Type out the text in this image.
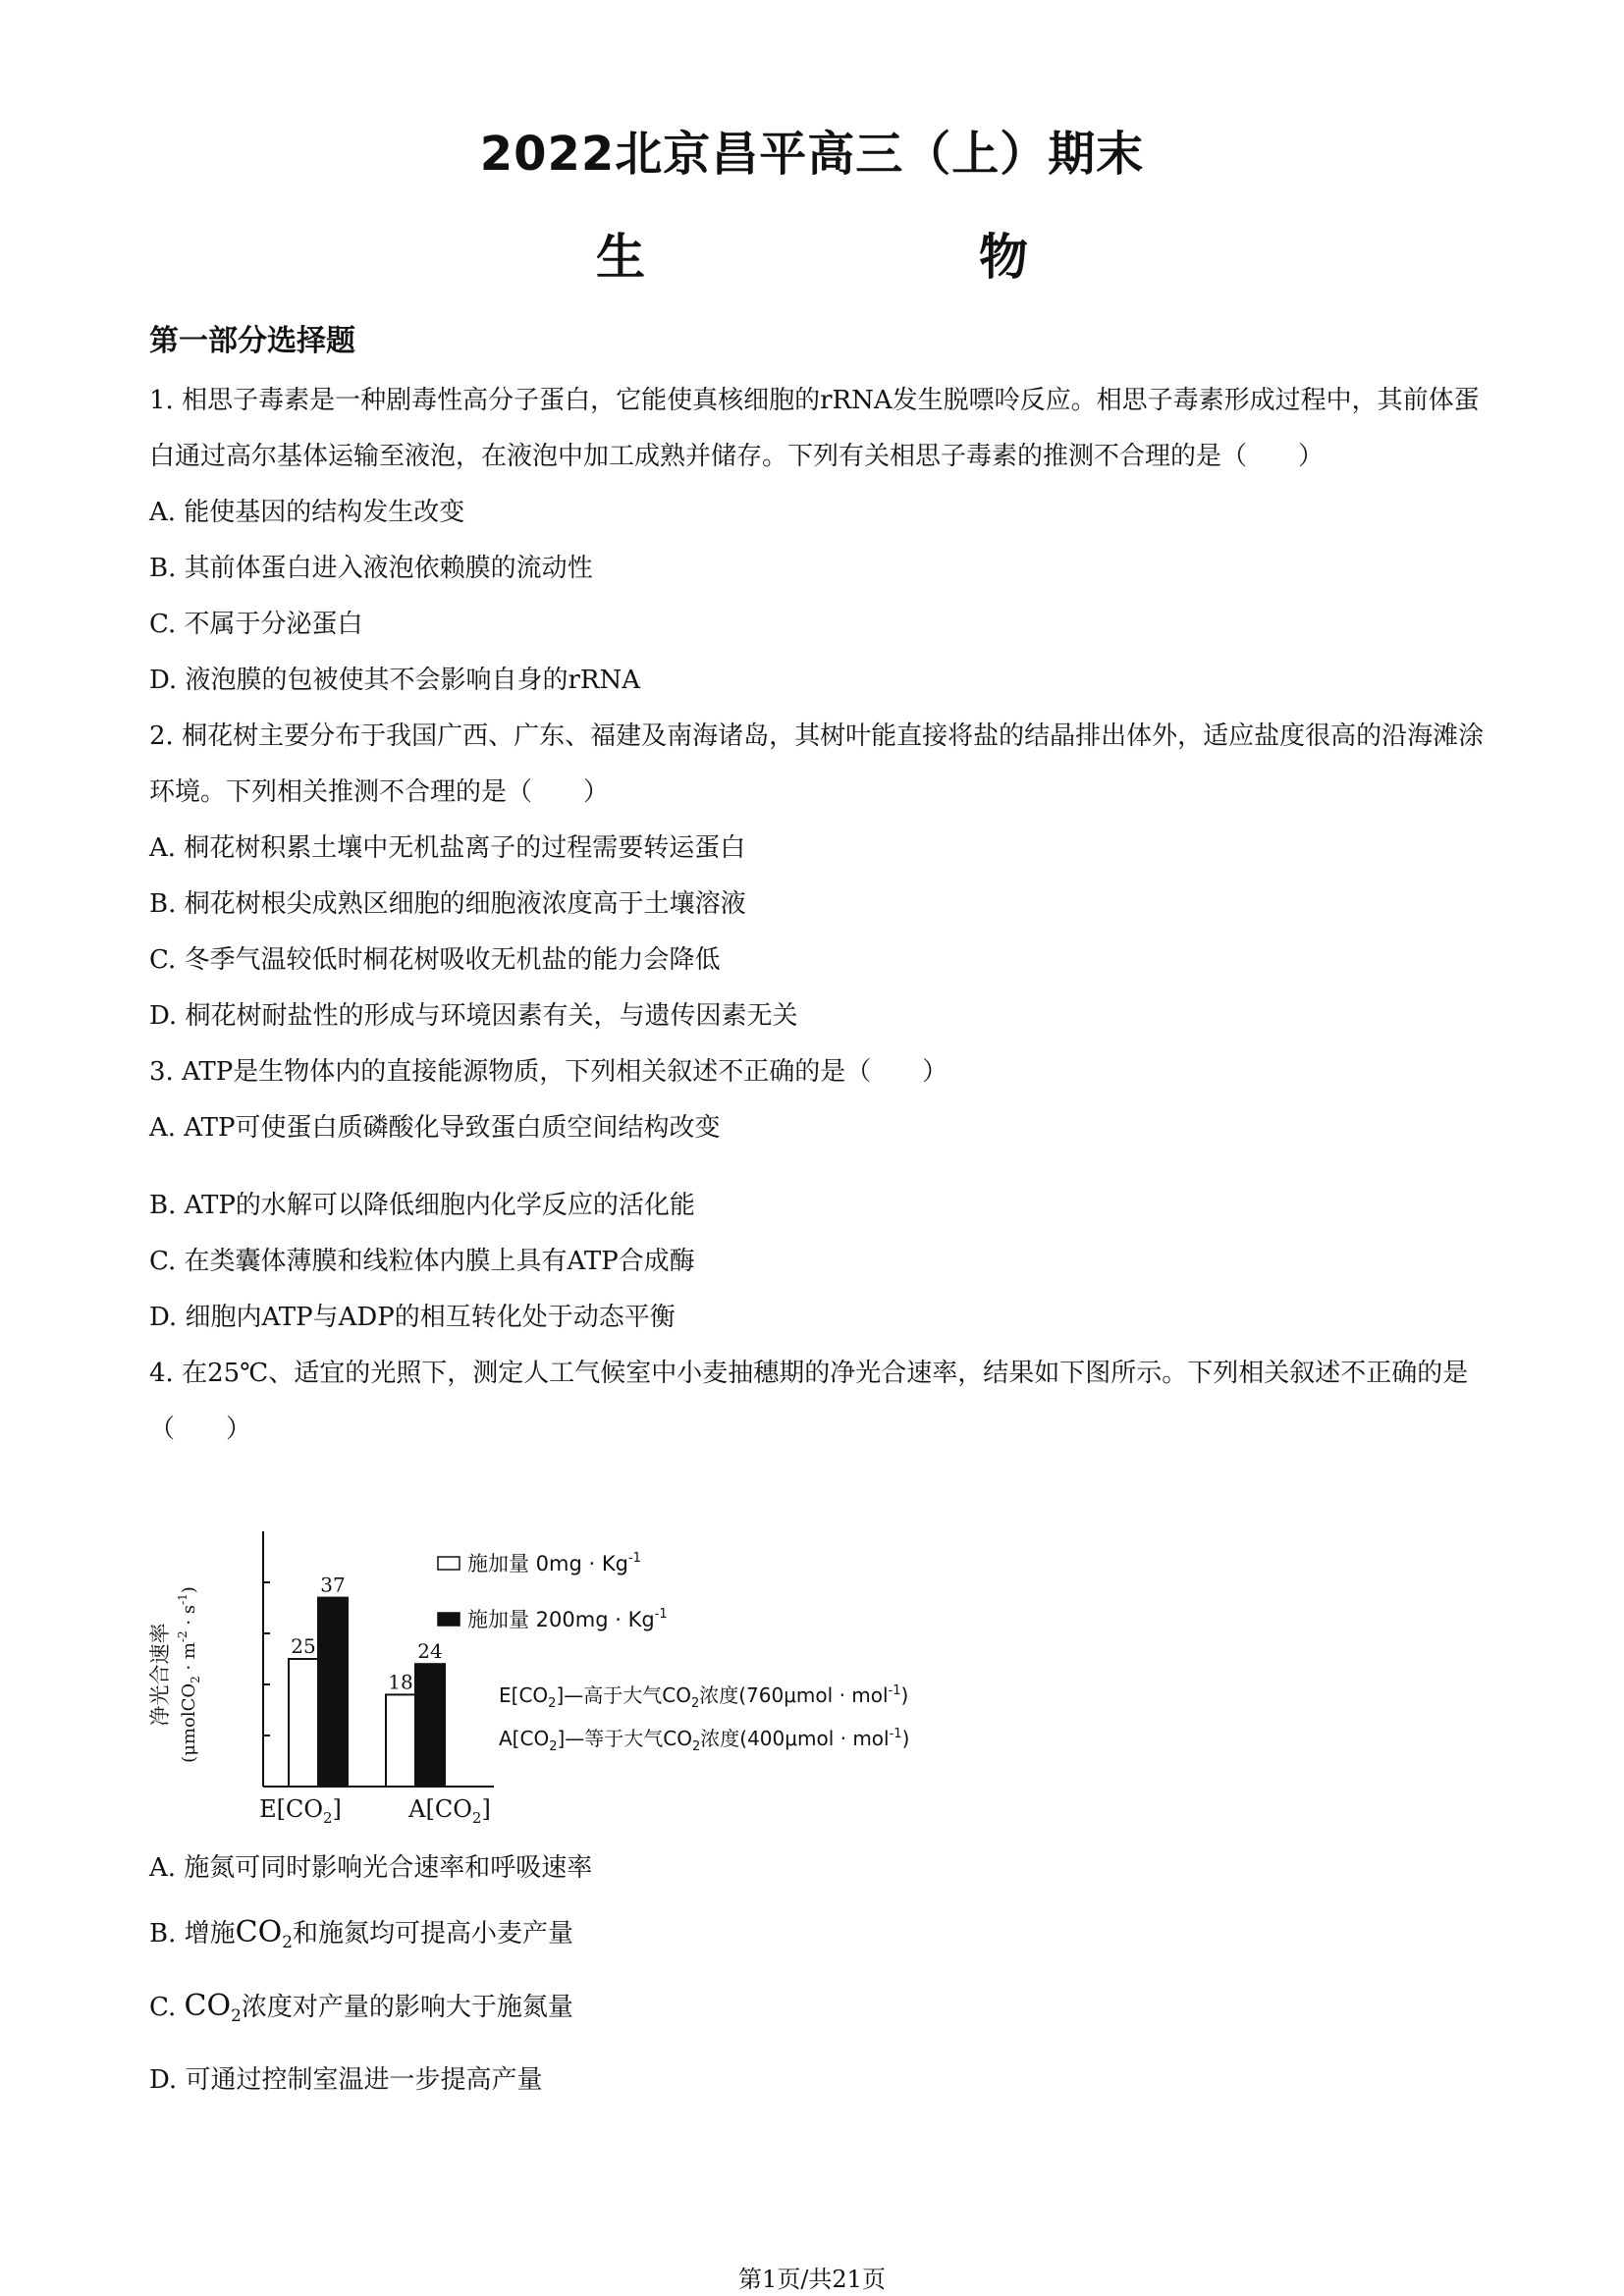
2022北京昌平高三（上）期末
生　　物
第一部分选择题

1. 相思子毒素是一种剧毒性高分子蛋白，它能使真核细胞的rRNA发生脱嘌呤反应。相思子毒素形成过程中，其前体蛋白通过高尔基体运输至液泡，在液泡中加工成熟并储存。下列有关相思子毒素的推测不合理的是（　　）

A. 能使基因的结构发生改变

B. 其前体蛋白进入液泡依赖膜的流动性

C. 不属于分泌蛋白

D. 液泡膜的包被使其不会影响自身的rRNA

2. 桐花树主要分布于我国广西、广东、福建及南海诸岛，其树叶能直接将盐的结晶排出体外，适应盐度很高的沿海滩涂环境。下列相关推测不合理的是（　　）

A. 桐花树积累土壤中无机盐离子的过程需要转运蛋白

B. 桐花树根尖成熟区细胞的细胞液浓度高于土壤溶液

C. 冬季气温较低时桐花树吸收无机盐的能力会降低

D. 桐花树耐盐性的形成与环境因素有关，与遗传因素无关

3. ATP是生物体内的直接能源物质，下列相关叙述不正确的是（　　）

A. ATP可使蛋白质磷酸化导致蛋白质空间结构改变

B. ATP的水解可以降低细胞内化学反应的活化能

C. 在类囊体薄膜和线粒体内膜上具有ATP合成酶

D. 细胞内ATP与ADP的相互转化处于动态平衡

4. 在25℃、适宜的光照下，测定人工气候室中小麦抽穗期的净光合速率，结果如下图所示。下列相关叙述不正确的是（　　）

净光合速率 (μmolCO$_2$ · $m^{-2} \cdot s^{-1}$)
25
37
18
24
$E[CO_2]$	$A[CO_2]$
施加量 $0mg \cdot Kg^{-1}$
施加量 $200mg \cdot Kg^{-1}$
$E[CO_2]—$高于大气$CO_2$浓度(760μmol · mol$^{-1}$)
$A[CO_2]—$等于大气$CO_2$浓度(400μmol · mol$^{-1}$)

A. 施氮可同时影响光合速率和呼吸速率

B. 增施$CO_2$和施氮均可提高小麦产量

C. $CO_2$浓度对产量的影响大于施氮量

D. 可通过控制室温进一步提高产量

第1页/共21页
